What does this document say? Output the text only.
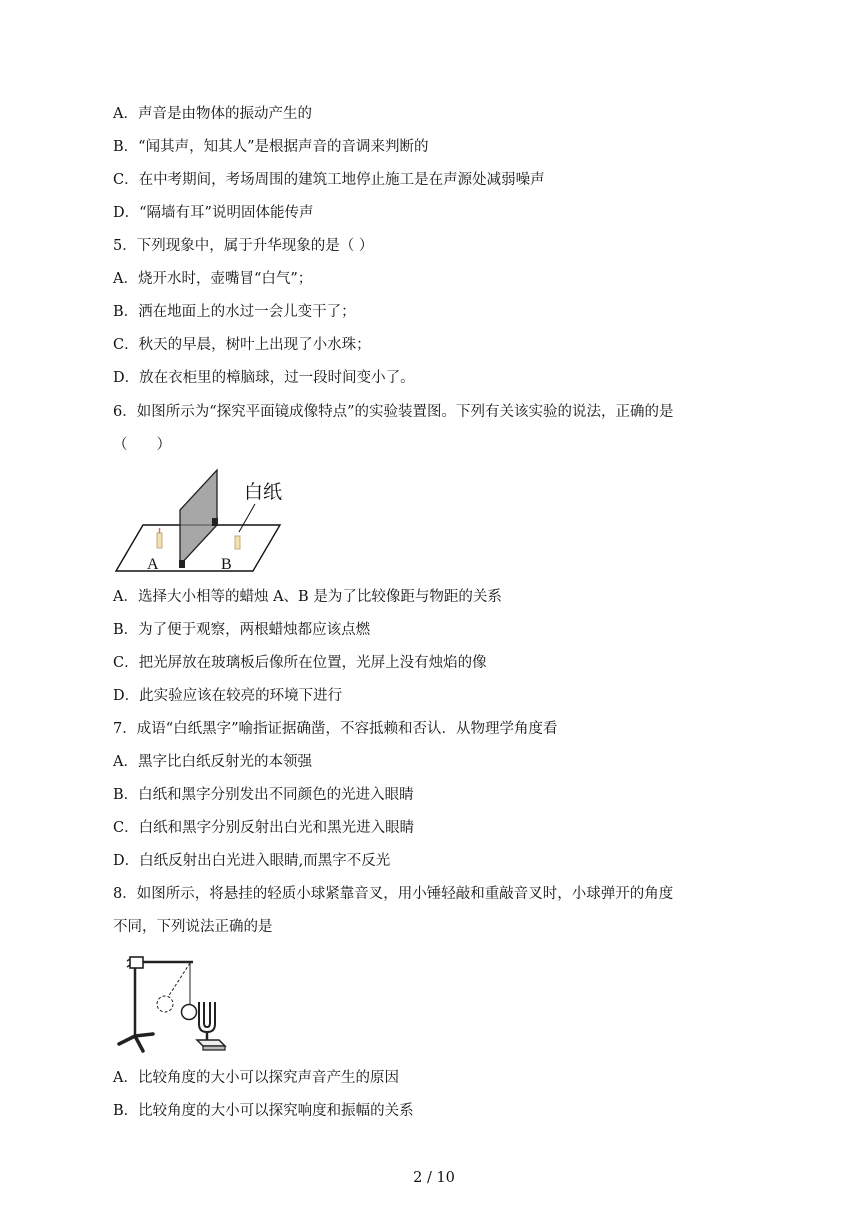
A．声音是由物体的振动产生的
B．“闻其声，知其人”是根据声音的音调来判断的
C．在中考期间，考场周围的建筑工地停止施工是在声源处减弱噪声
D．“隔墙有耳”说明固体能传声
5．下列现象中，属于升华现象的是（ ）
A．烧开水时，壶嘴冒“白气”；
B．洒在地面上的水过一会儿变干了；
C．秋天的早晨，树叶上出现了小水珠；
D．放在衣柜里的樟脑球，过一段时间变小了。
6．如图所示为“探究平面镜成像特点”的实验装置图。下列有关该实验的说法，正确的是
（　　）
白纸
A	B
A．选择大小相等的蜡烛 A、B 是为了比较像距与物距的关系
B．为了便于观察，两根蜡烛都应该点燃
C．把光屏放在玻璃板后像所在位置，光屏上没有烛焰的像
D．此实验应该在较亮的环境下进行
7．成语“白纸黑字”喻指证据确凿，不容抵赖和否认．从物理学角度看
A．黑字比白纸反射光的本领强
B．白纸和黑字分别发出不同颜色的光进入眼睛
C．白纸和黑字分别反射出白光和黑光进入眼睛
D．白纸反射出白光进入眼睛,而黑字不反光
8．如图所示，将悬挂的轻质小球紧靠音叉，用小锤轻敲和重敲音叉时，小球弹开的角度
不同，下列说法正确的是
A．比较角度的大小可以探究声音产生的原因
B．比较角度的大小可以探究响度和振幅的关系
2 / 10
